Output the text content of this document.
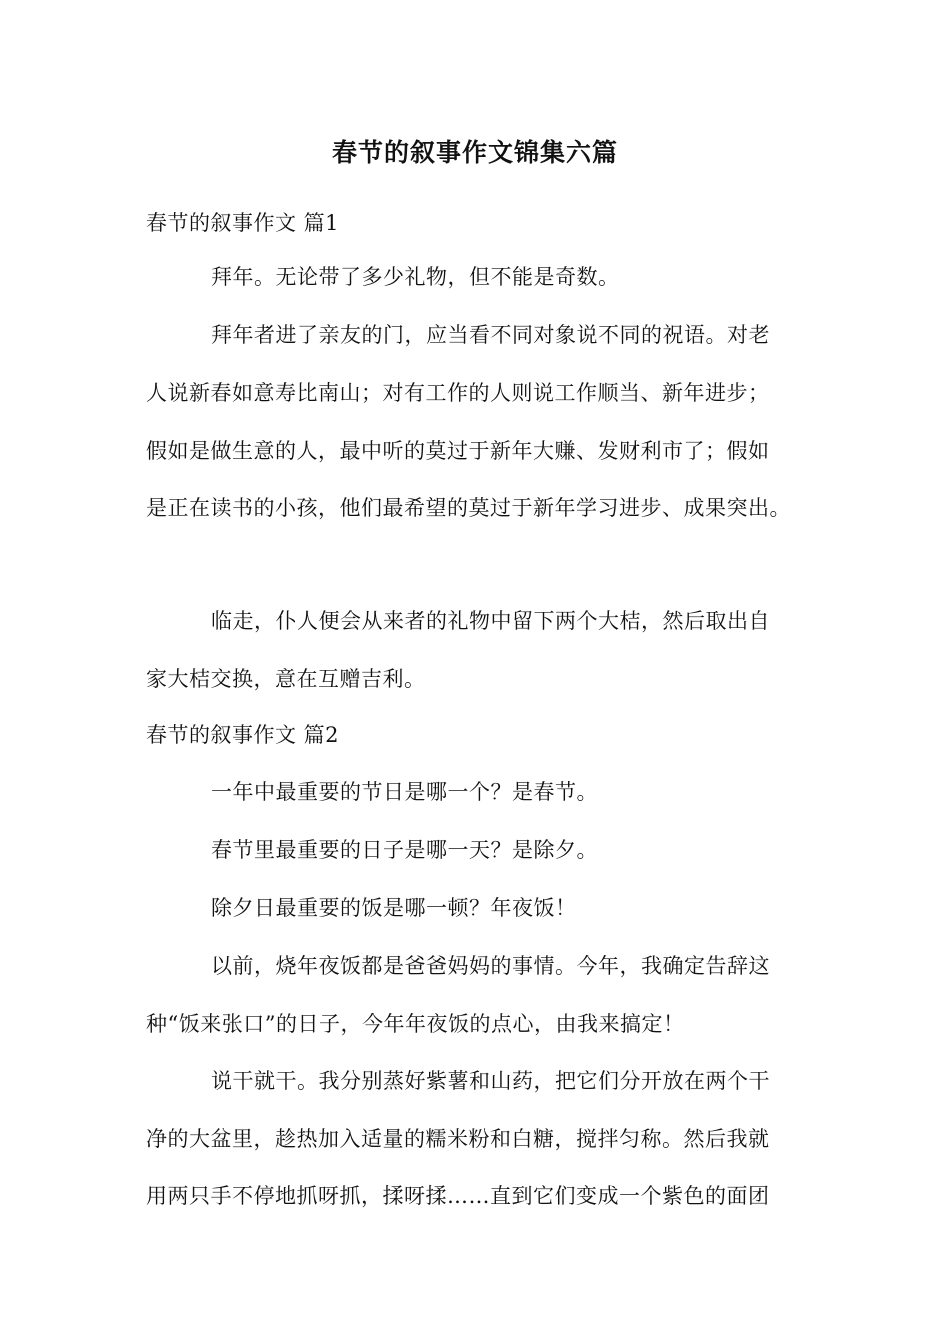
春节的叙事作文锦集六篇
春节的叙事作文 篇1
拜年。无论带了多少礼物，但不能是奇数。
拜年者进了亲友的门，应当看不同对象说不同的祝语。对老
人说新春如意寿比南山；对有工作的人则说工作顺当、新年进步；
假如是做生意的人，最中听的莫过于新年大赚、发财利市了；假如
是正在读书的小孩，他们最希望的莫过于新年学习进步、成果突出。
临走，仆人便会从来者的礼物中留下两个大桔，然后取出自
家大桔交换，意在互赠吉利。
春节的叙事作文 篇2
一年中最重要的节日是哪一个？是春节。
春节里最重要的日子是哪一天？是除夕。
除夕日最重要的饭是哪一顿？年夜饭！
以前，烧年夜饭都是爸爸妈妈的事情。今年，我确定告辞这
种“饭来张口”的日子，今年年夜饭的点心，由我来搞定！
说干就干。我分别蒸好紫薯和山药，把它们分开放在两个干
净的大盆里，趁热加入适量的糯米粉和白糖，搅拌匀称。然后我就
用两只手不停地抓呀抓，揉呀揉……直到它们变成一个紫色的面团
